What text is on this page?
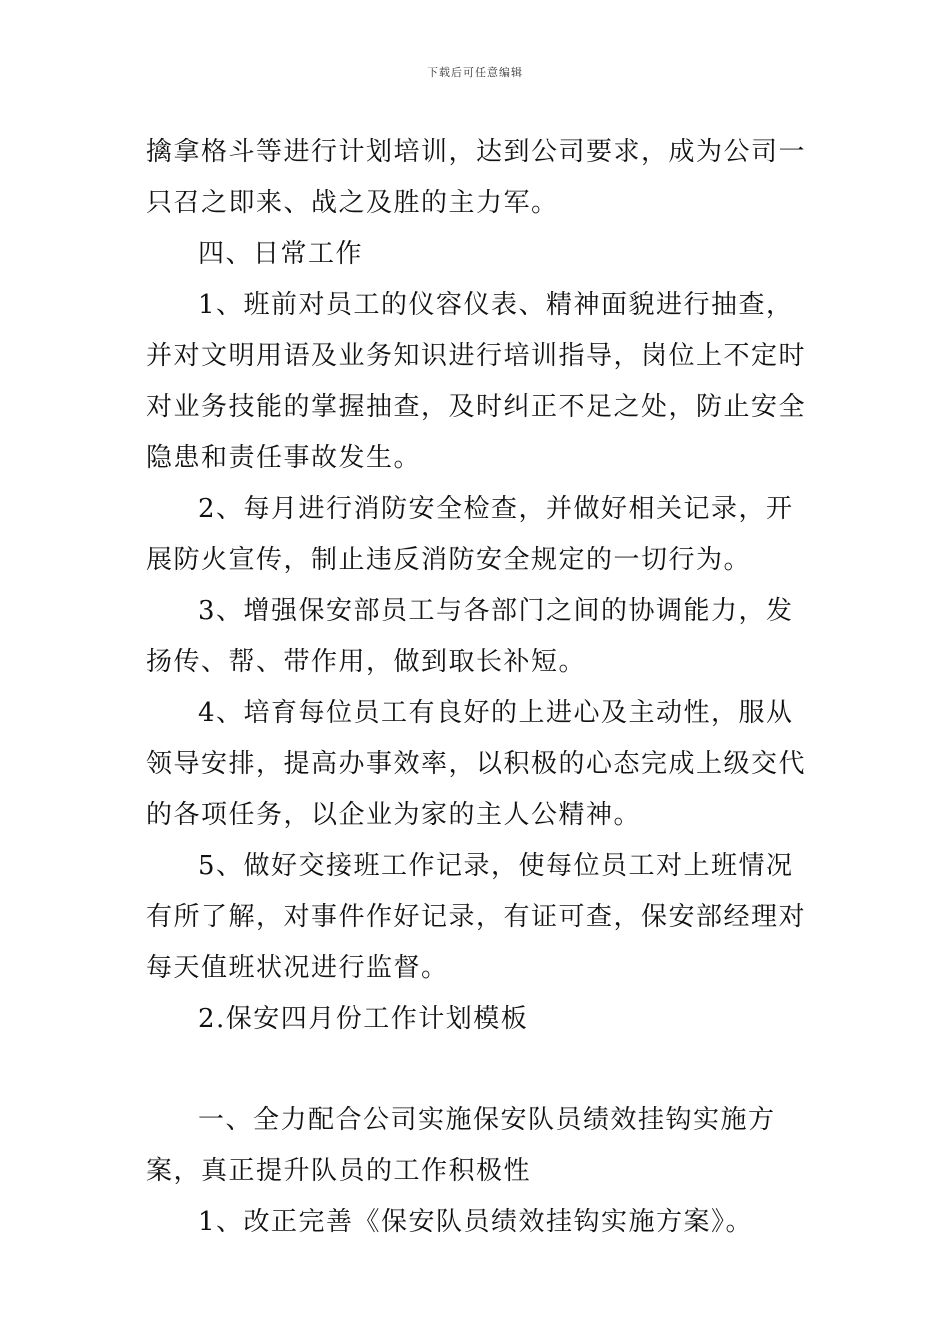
下载后可任意编辑

擒拿格斗等进行计划培训，达到公司要求，成为公司一只召之即来、战之及胜的主力军。

四、日常工作

1、班前对员工的仪容仪表、精神面貌进行抽查，并对文明用语及业务知识进行培训指导，岗位上不定时对业务技能的掌握抽查，及时纠正不足之处，防止安全隐患和责任事故发生。

2、每月进行消防安全检查，并做好相关记录，开展防火宣传，制止违反消防安全规定的一切行为。

3、增强保安部员工与各部门之间的协调能力，发扬传、帮、带作用，做到取长补短。

4、培育每位员工有良好的上进心及主动性，服从领导安排，提高办事效率，以积极的心态完成上级交代的各项任务，以企业为家的主人公精神。

5、做好交接班工作记录，使每位员工对上班情况有所了解，对事件作好记录，有证可查，保安部经理对每天值班状况进行监督。

2.保安四月份工作计划模板

一、全力配合公司实施保安队员绩效挂钩实施方案，真正提升队员的工作积极性

1、改正完善《保安队员绩效挂钩实施方案》。
